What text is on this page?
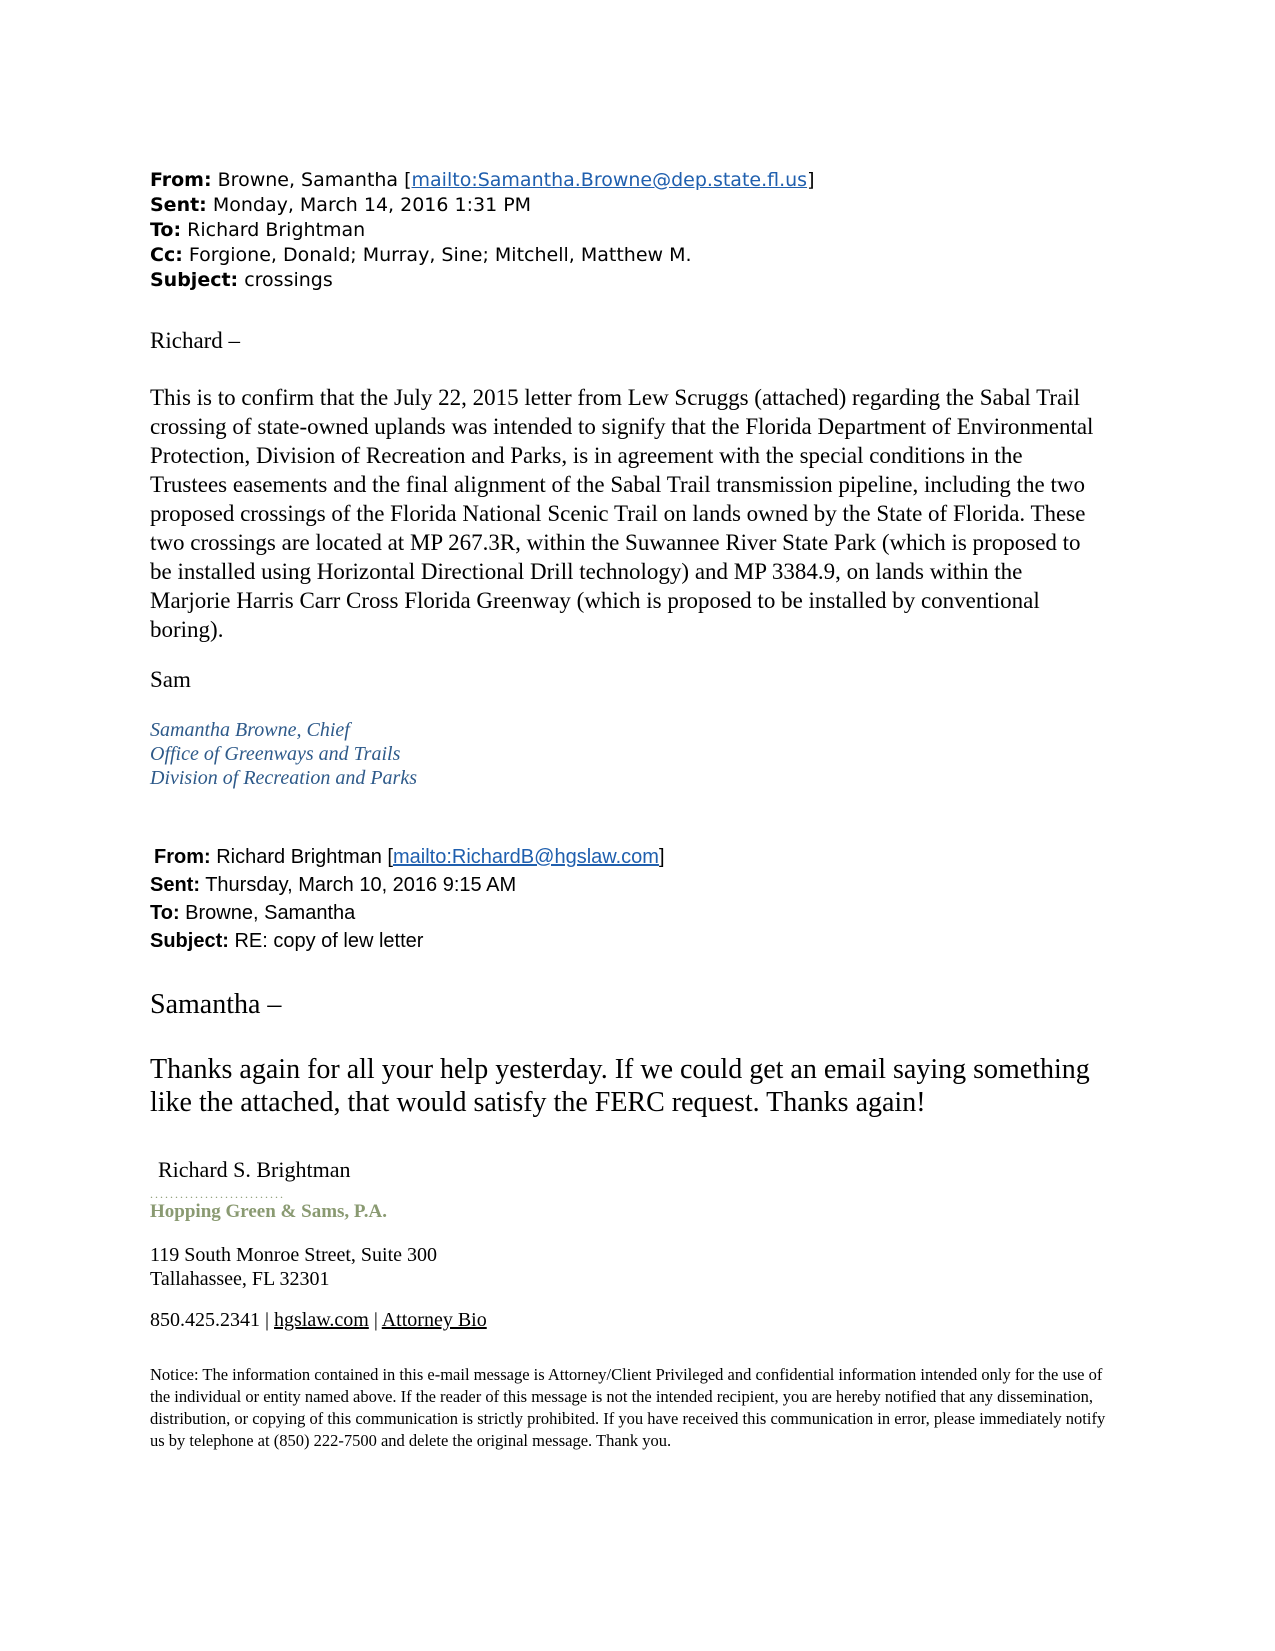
From: Browne, Samantha [mailto:Samantha.Browne@dep.state.fl.us]
Sent: Monday, March 14, 2016 1:31 PM
To: Richard Brightman
Cc: Forgione, Donald; Murray, Sine; Mitchell, Matthew M.
Subject: crossings

Richard –

This is to confirm that the July 22, 2015 letter from Lew Scruggs (attached) regarding the Sabal Trail crossing of state-owned uplands was intended to signify that the Florida Department of Environmental Protection, Division of Recreation and Parks, is in agreement with the special conditions in the Trustees easements and the final alignment of the Sabal Trail transmission pipeline, including the two proposed crossings of the Florida National Scenic Trail on lands owned by the State of Florida. These two crossings are located at MP 267.3R, within the Suwannee River State Park (which is proposed to be installed using Horizontal Directional Drill technology) and MP 3384.9, on lands within the Marjorie Harris Carr Cross Florida Greenway (which is proposed to be installed by conventional boring).

Sam

Samantha Browne, Chief
Office of Greenways and Trails
Division of Recreation and Parks
From: Richard Brightman [mailto:RichardB@hgslaw.com]
Sent: Thursday, March 10, 2016 9:15 AM
To: Browne, Samantha
Subject: RE: copy of lew letter

Samantha –

Thanks again for all your help yesterday. If we could get an email saying something like the attached, that would satisfy the FERC request. Thanks again!

Richard S. Brightman
...........................
Hopping Green & Sams, P.A.
119 South Monroe Street, Suite 300
Tallahassee, FL 32301
850.425.2341 | hgslaw.com | Attorney Bio

Notice: The information contained in this e-mail message is Attorney/Client Privileged and confidential information intended only for the use of the individual or entity named above. If the reader of this message is not the intended recipient, you are hereby notified that any dissemination, distribution, or copying of this communication is strictly prohibited. If you have received this communication in error, please immediately notify us by telephone at (850) 222-7500 and delete the original message. Thank you.
